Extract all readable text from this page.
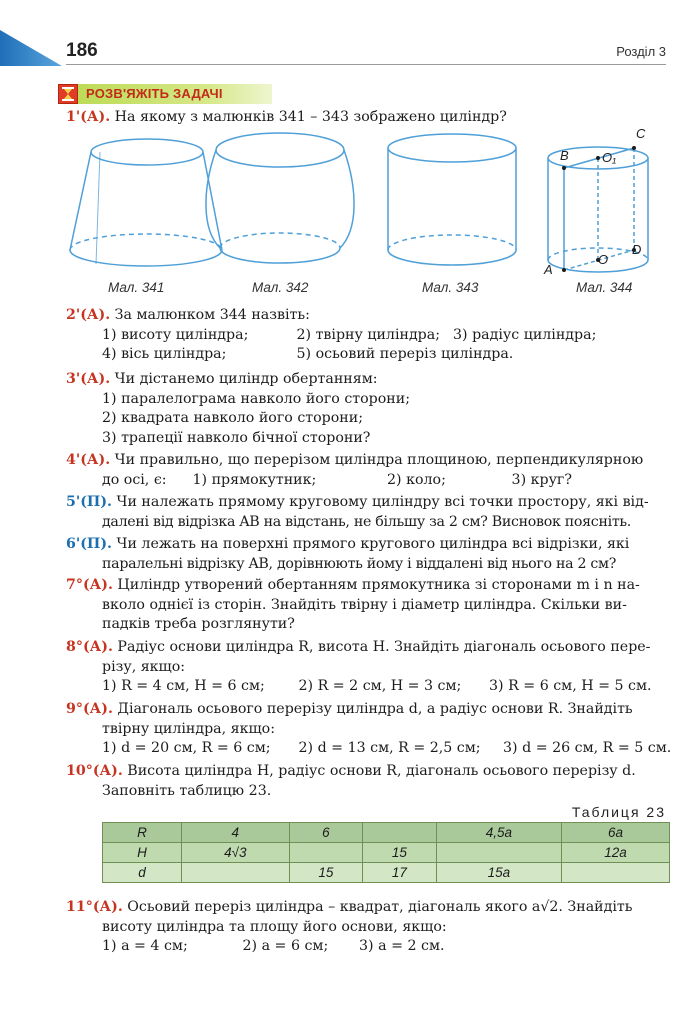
186	Розділ 3
РОЗВ'ЯЖІТЬ ЗАДАЧІ
1'(А). На якому з малюнків 341 – 343 зображено циліндр?
B
C
O₁
A
O
D
Мал. 341	Мал. 342	Мал. 343	Мал. 344
2'(А). За малюнком 344 назвіть:
1) висоту циліндра;	2) твірну циліндра; 3) радіус циліндра;
4) вісь циліндра;	5) осьовий переріз циліндра.
3'(А). Чи дістанемо циліндр обертанням:
1) паралелограма навколо його сторони;
2) квадрата навколо його сторони;
3) трапеції навколо бічної сторони?
4'(А). Чи правильно, що перерізом циліндра площиною, перпендикулярною
до осі, є: 1) прямокутник;	2) коло;	3) круг?
5'(П). Чи належать прямому круговому циліндру всі точки простору, які від-
далені від відрізка AB на відстань, не більшу за 2 см? Висновок поясніть.
6'(П). Чи лежать на поверхні прямого кругового циліндра всі відрізки, які
паралельні відрізку AB, дорівнюють йому і віддалені від нього на 2 см?
7°(А). Циліндр утворений обертанням прямокутника зі сторонами m і n на-
вколо однієї із сторін. Знайдіть твірну і діаметр циліндра. Скільки ви-
падків треба розглянути?
8°(А). Радіус основи циліндра R, висота H. Знайдіть діагональ осьового пере-
різу, якщо:
1) R = 4 см, H = 6 см; 2) R = 2 см, H = 3 см; 3) R = 6 см, H = 5 см.
9°(А). Діагональ осьового перерізу циліндра d, а радіус основи R. Знайдіть
твірну циліндра, якщо:
1) d = 20 см, R = 6 см; 2) d = 13 см, R = 2,5 см; 3) d = 26 см, R = 5 см.
10°(А). Висота циліндра H, радіус основи R, діагональ осьового перерізу d.
Заповніть таблицю 23.
Таблиця 23
R	4	6		4,5a	6a
H	4√3		15		12a
d		15	17	15a	
11°(А). Осьовий переріз циліндра – квадрат, діагональ якого a√2. Знайдіть
висоту циліндра та площу його основи, якщо:
1) a = 4 см;	2) a = 6 см; 3) a = 2 см.
